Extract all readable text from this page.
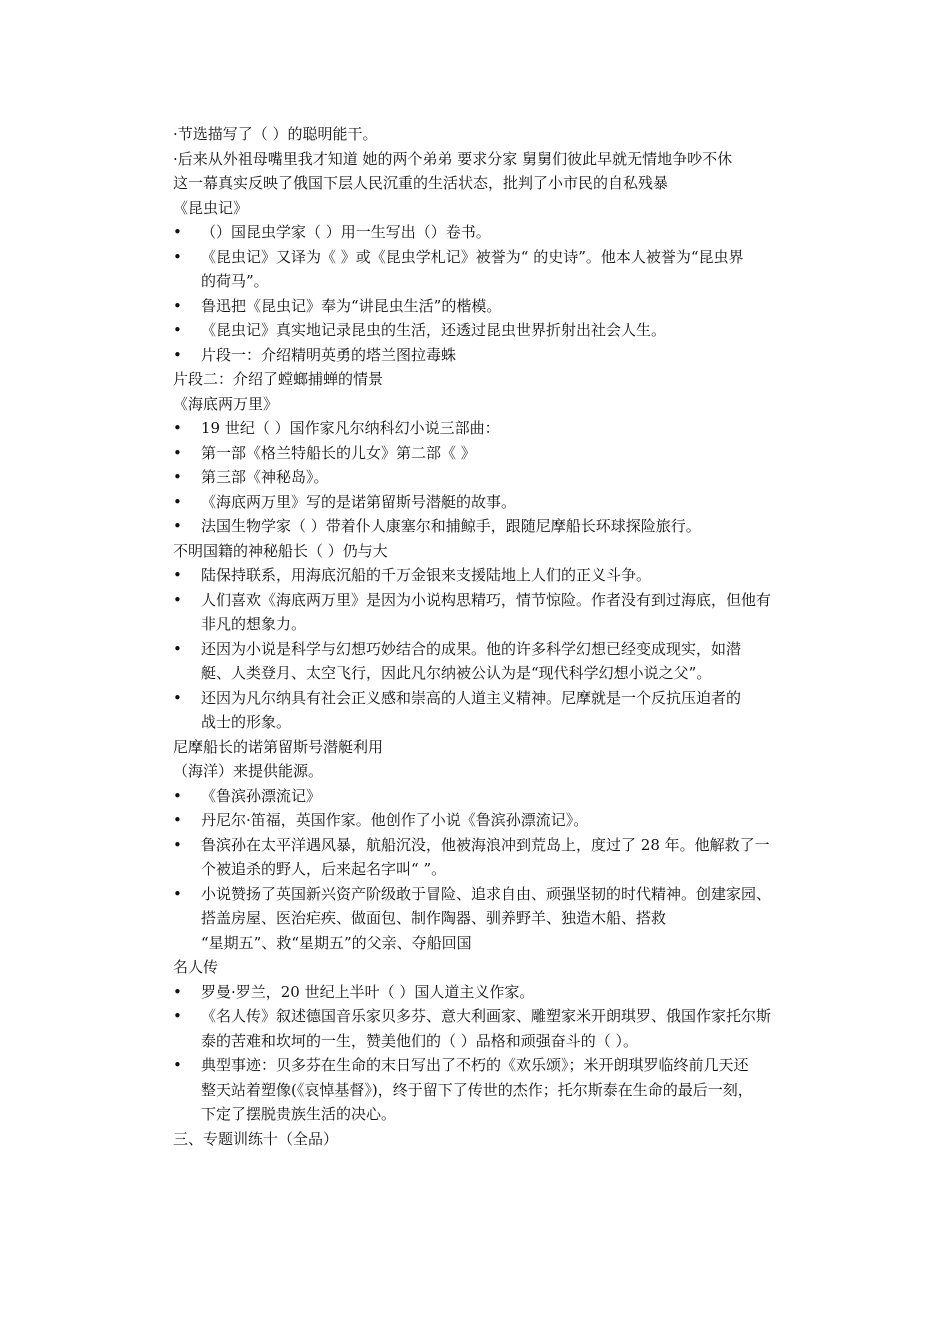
·节选描写了（ ）的聪明能干。
·后来从外祖母嘴里我才知道 她的两个弟弟 要求分家 舅舅们彼此早就无情地争吵不休
这一幕真实反映了俄国下层人民沉重的生活状态，批判了小市民的自私残暴
《昆虫记》
•	（）国昆虫学家（ ）用一生写出（）卷书。
•	《昆虫记》又译为《 》或《昆虫学札记》被誉为“ 的史诗”。他本人被誉为“昆虫界
的荷马”。
•	鲁迅把《昆虫记》奉为“讲昆虫生活”的楷模。
•	《昆虫记》真实地记录昆虫的生活，还透过昆虫世界折射出社会人生。
•	片段一：介绍精明英勇的塔兰图拉毒蛛
片段二：介绍了螳螂捕蝉的情景
《海底两万里》
•	19 世纪（ ）国作家凡尔纳科幻小说三部曲：
•	第一部《格兰特船长的儿女》第二部《 》
•	第三部《神秘岛》。
•	《海底两万里》写的是诺第留斯号潜艇的故事。
•	法国生物学家（ ）带着仆人康塞尔和捕鲸手，跟随尼摩船长环球探险旅行。
不明国籍的神秘船长（ ）仍与大
•	陆保持联系，用海底沉船的千万金银来支援陆地上人们的正义斗争。
•	人们喜欢《海底两万里》是因为小说构思精巧，情节惊险。作者没有到过海底，但他有
非凡的想象力。
•	还因为小说是科学与幻想巧妙结合的成果。他的许多科学幻想已经变成现实，如潜
艇、人类登月、太空飞行，因此凡尔纳被公认为是“现代科学幻想小说之父”。
•	还因为凡尔纳具有社会正义感和崇高的人道主义精神。尼摩就是一个反抗压迫者的
战士的形象。
尼摩船长的诺第留斯号潜艇利用
（海洋）来提供能源。
•	《鲁滨孙漂流记》
•	丹尼尔·笛福，英国作家。他创作了小说《鲁滨孙漂流记》。
•	鲁滨孙在太平洋遇风暴，航船沉没，他被海浪冲到荒岛上，度过了 28 年。他解救了一
个被追杀的野人，后来起名字叫“ ”。
•	小说赞扬了英国新兴资产阶级敢于冒险、追求自由、顽强坚韧的时代精神。创建家园、
搭盖房屋、医治疟疾、做面包、制作陶器、驯养野羊、独造木船、搭救
“星期五”、救“星期五”的父亲、夺船回国
名人传
•	罗曼·罗兰，20 世纪上半叶（ ）国人道主义作家。
•	《名人传》叙述德国音乐家贝多芬、意大利画家、雕塑家米开朗琪罗、俄国作家托尔斯
泰的苦难和坎坷的一生，赞美他们的（ ）品格和顽强奋斗的（ ）。
•	典型事迹：贝多芬在生命的末日写出了不朽的《欢乐颂》；米开朗琪罗临终前几天还
整天站着塑像(《哀悼基督》)，终于留下了传世的杰作；托尔斯泰在生命的最后一刻，
下定了摆脱贵族生活的决心。
三、专题训练十（全品）
